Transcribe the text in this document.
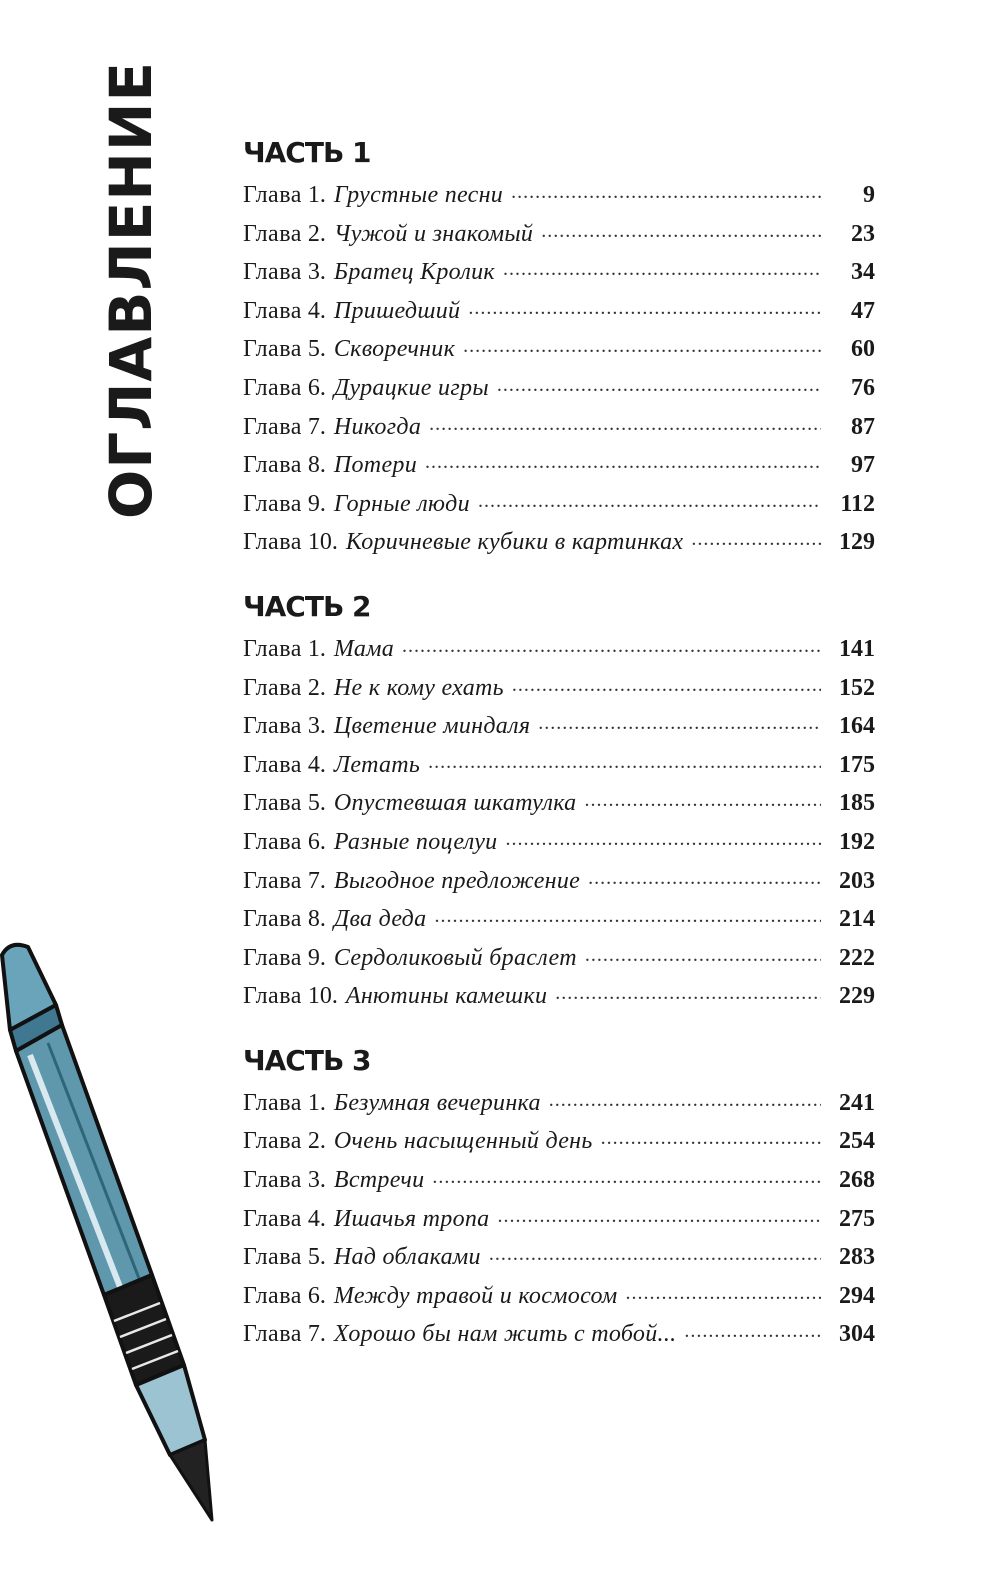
ОГЛАВЛЕНИЕ	ЧАСТЬ 1
Глава 1. Грустные песни .....	9
Глава 2. Чужой и знакомый .....	23
Глава 3. Братец Кролик .....	34
Глава 4. Пришедший .....	47
Глава 5. Скворечник .....	60
Глава 6. Дурацкие игры .....	76
Глава 7. Никогда .....	87
Глава 8. Потери .....	97
Глава 9. Горные люди .....	112
Глава 10. Коричневые кубики в картинках .....	129
ЧАСТЬ 2
Глава 1. Мама .....	141
Глава 2. Не к кому ехать .....	152
Глава 3. Цветение миндаля .....	164
Глава 4. Летать .....	175
Глава 5. Опустевшая шкатулка .....	185
Глава 6. Разные поцелуи .....	192
Глава 7. Выгодное предложение .....	203
Глава 8. Два деда .....	214
Глава 9. Сердоликовый браслет .....	222
Глава 10. Анютины камешки .....	229
ЧАСТЬ 3
Глава 1. Безумная вечеринка .....	241
Глава 2. Очень насыщенный день .....	254
Глава 3. Встречи .....	268
Глава 4. Ишачья тропа .....	275
Глава 5. Над облаками .....	283
Глава 6. Между травой и космосом .....	294
Глава 7. Хорошо бы нам жить с тобой... .....	304
